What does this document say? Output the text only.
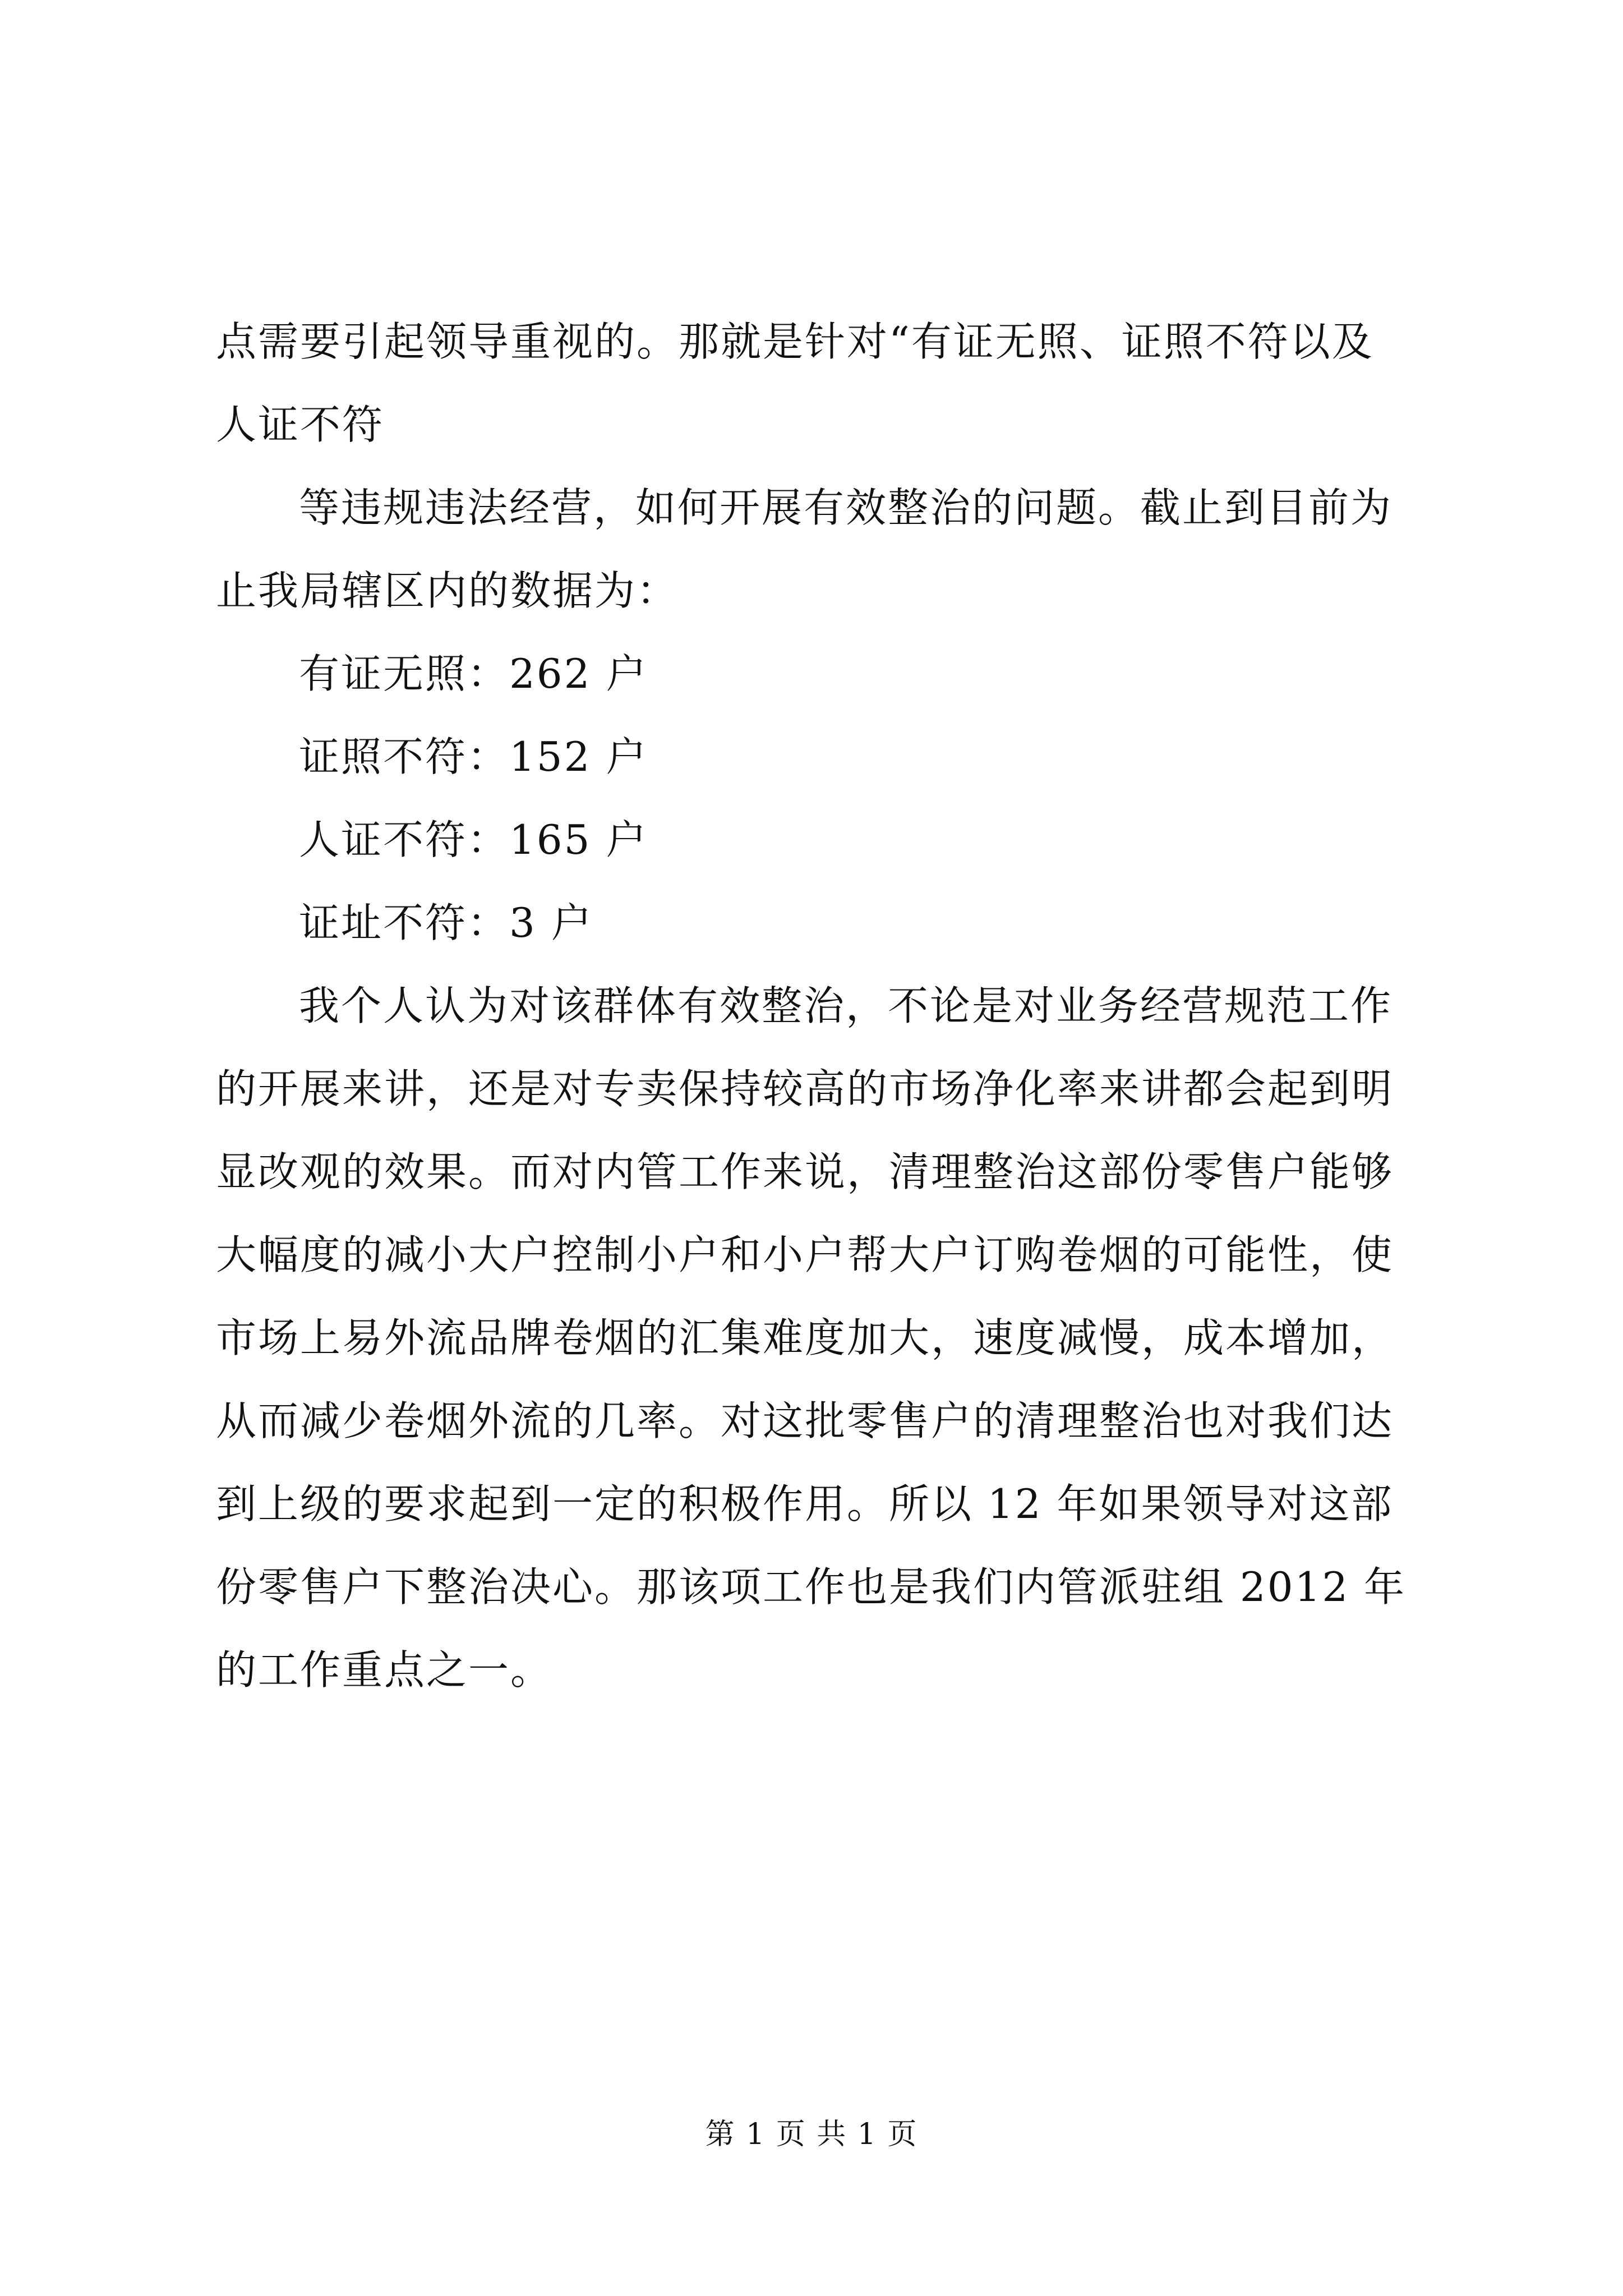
点需要引起领导重视的。那就是针对“有证无照、证照不符以及
人证不符
等违规违法经营，如何开展有效整治的问题。截止到目前为
止我局辖区内的数据为：
有证无照：262 户
证照不符：152 户
人证不符：165 户
证址不符：3 户
我个人认为对该群体有效整治，不论是对业务经营规范工作
的开展来讲，还是对专卖保持较高的市场净化率来讲都会起到明
显改观的效果。而对内管工作来说，清理整治这部份零售户能够
大幅度的减小大户控制小户和小户帮大户订购卷烟的可能性，使
市场上易外流品牌卷烟的汇集难度加大，速度减慢，成本增加，
从而减少卷烟外流的几率。对这批零售户的清理整治也对我们达
到上级的要求起到一定的积极作用。所以 12 年如果领导对这部
份零售户下整治决心。那该项工作也是我们内管派驻组 2012 年
的工作重点之一。
第 1 页 共 1 页
